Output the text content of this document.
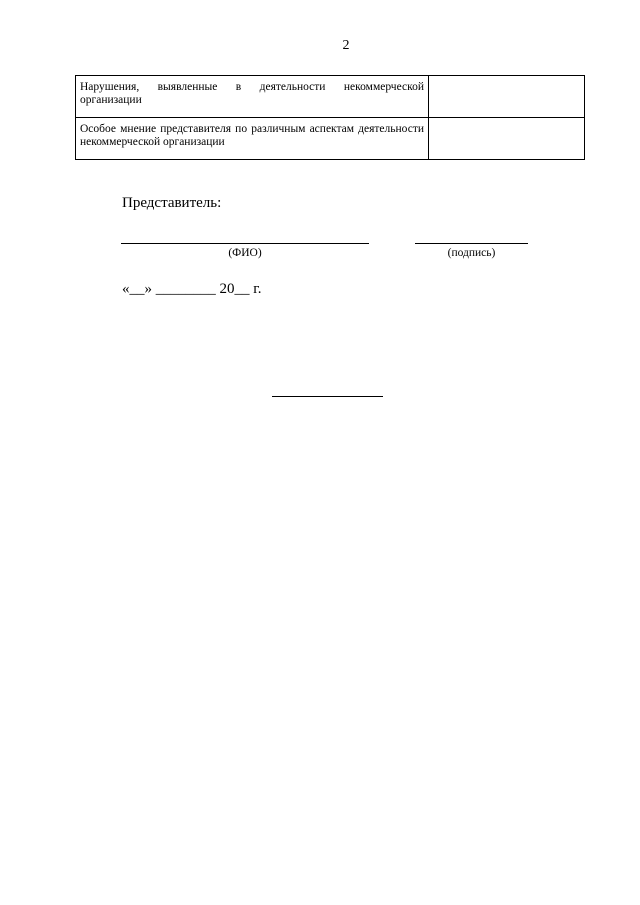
2
Нарушения, выявленные в деятельности некоммерческой организации	
Особое мнение представителя по различным аспектам деятельности некоммерческой организации	
Представитель:
(ФИО)	(подпись)
«__» ________ 20__ г.
